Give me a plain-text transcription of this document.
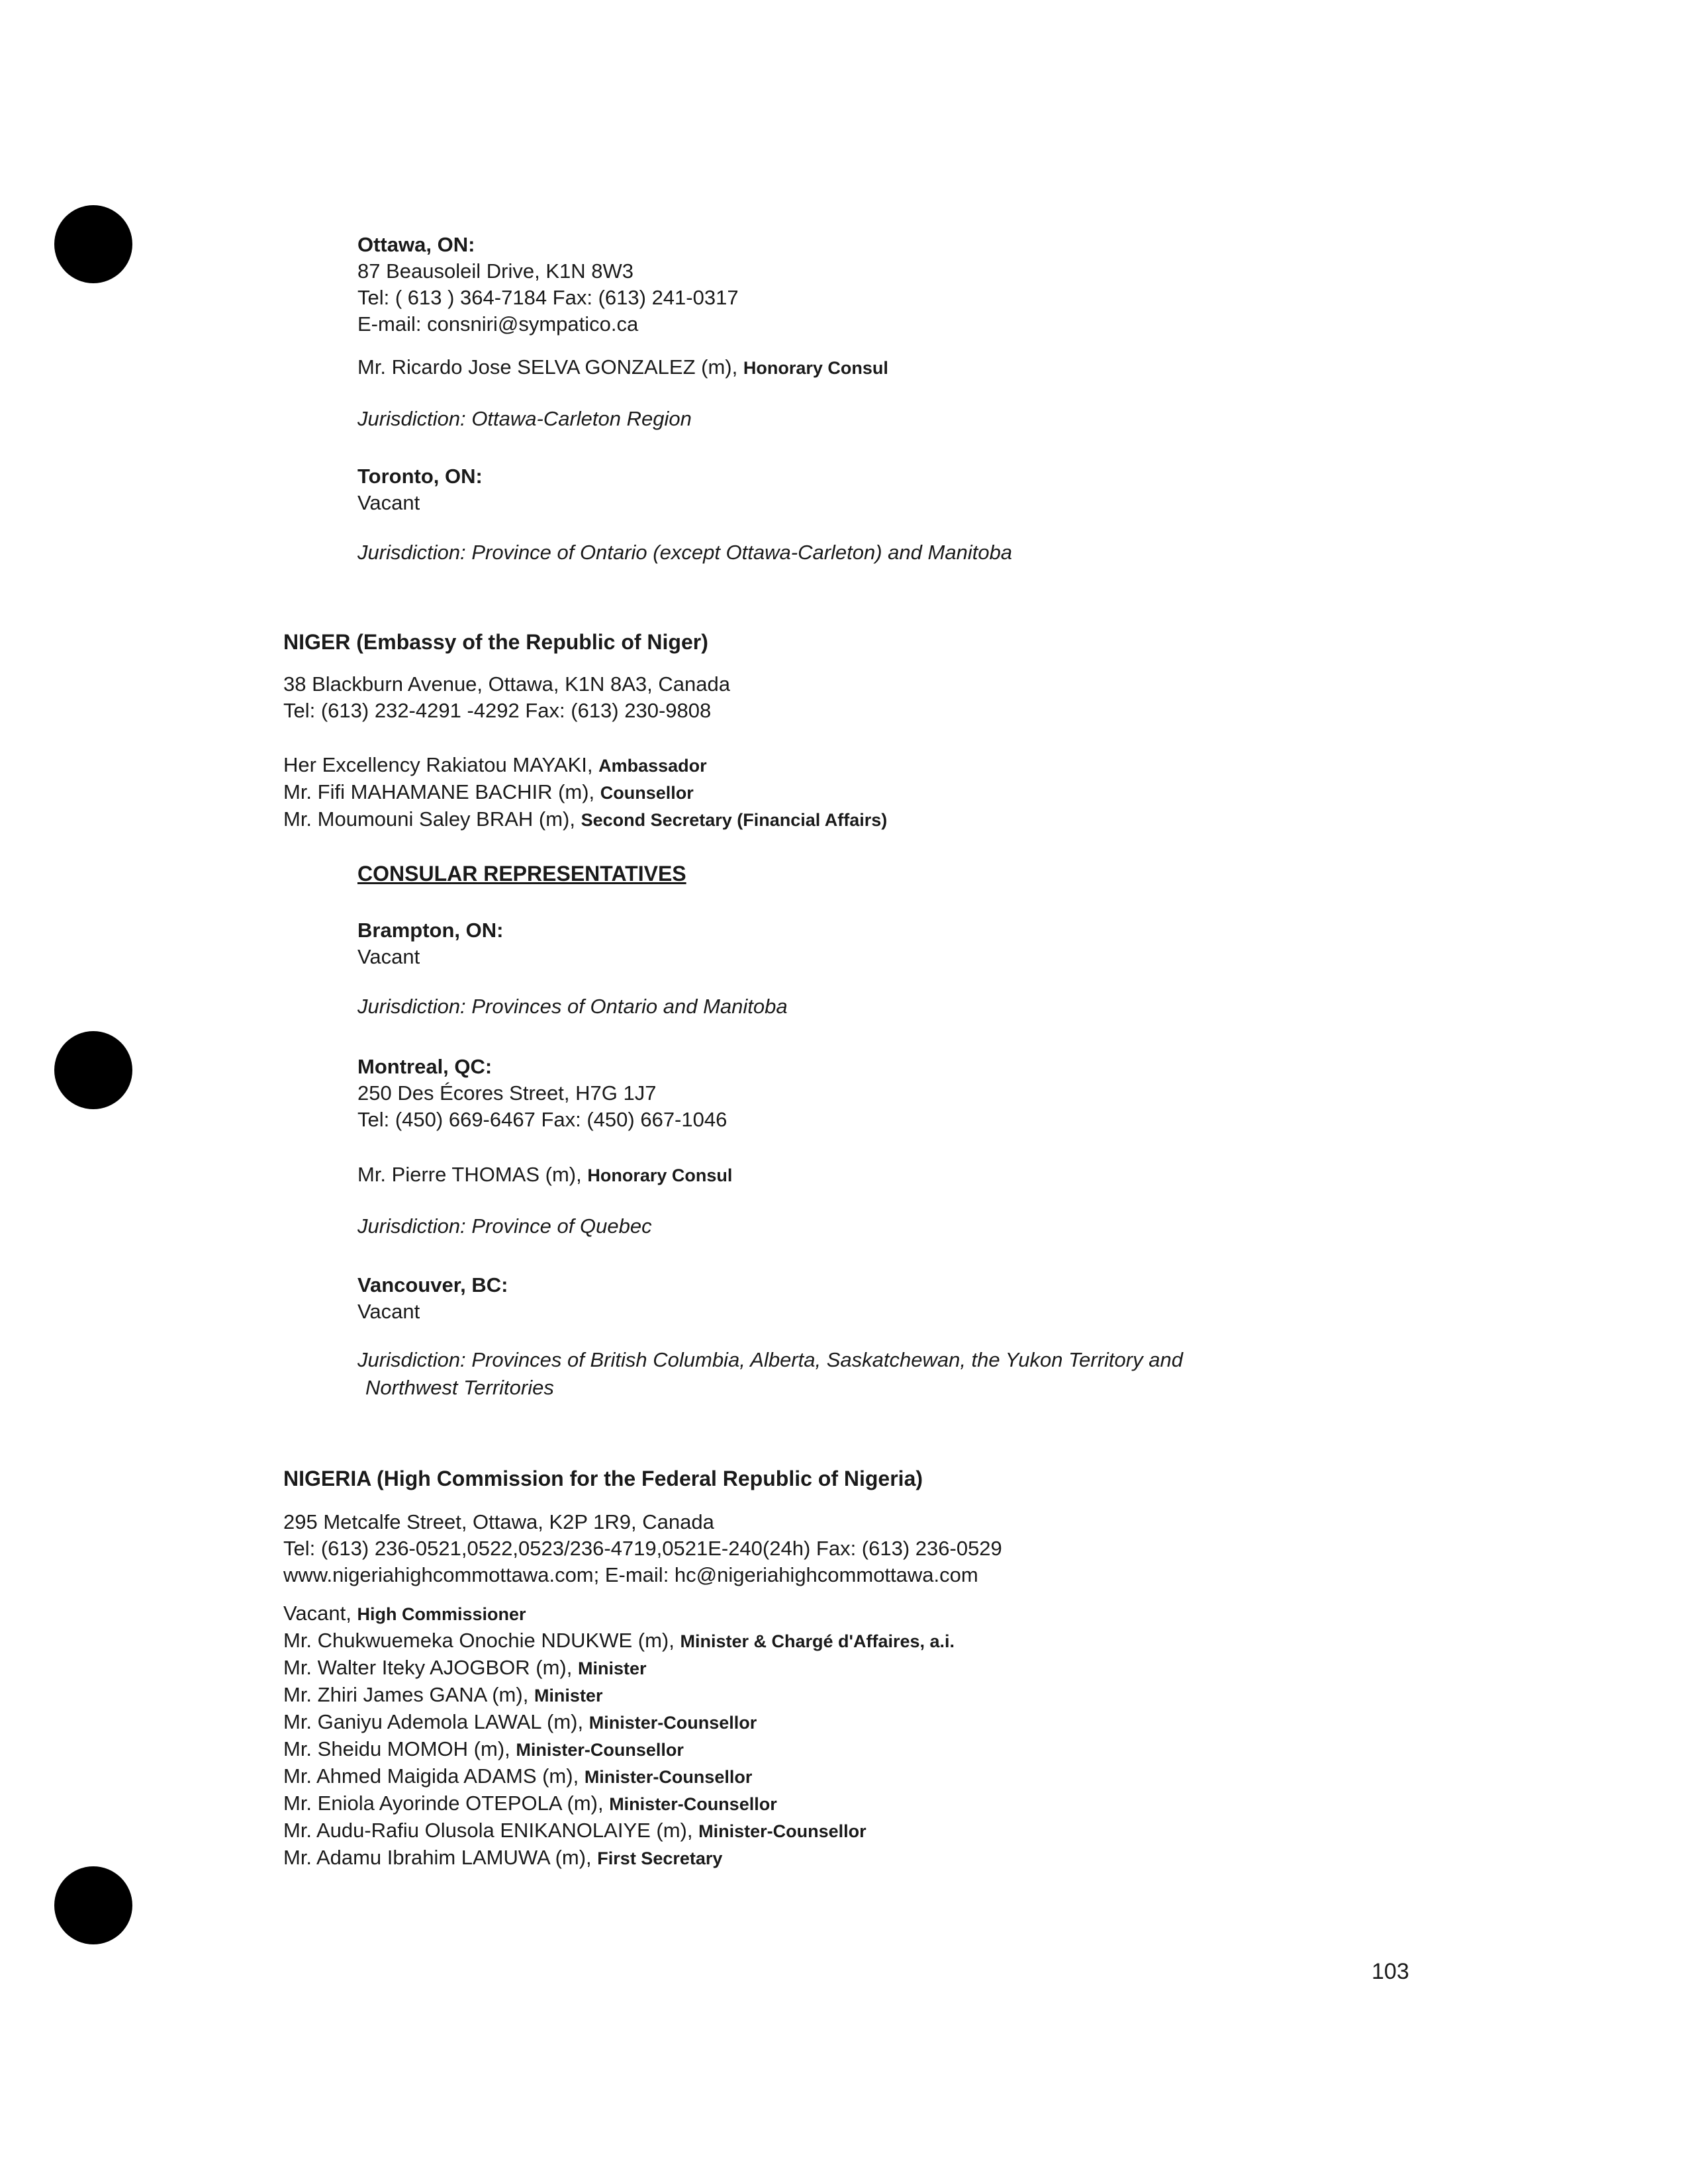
Ottawa, ON:
87 Beausoleil Drive, K1N 8W3
Tel: ( 613 ) 364-7184 Fax: (613) 241-0317
E-mail: consniri@sympatico.ca
Mr. Ricardo Jose SELVA GONZALEZ (m), Honorary Consul
Jurisdiction: Ottawa-Carleton Region
Toronto, ON:
Vacant
Jurisdiction: Province of Ontario (except Ottawa-Carleton) and Manitoba
NIGER (Embassy of the Republic of Niger)
38 Blackburn Avenue, Ottawa, K1N 8A3, Canada
Tel: (613) 232-4291 -4292 Fax: (613) 230-9808
Her Excellency Rakiatou MAYAKI, Ambassador
Mr. Fifi MAHAMANE BACHIR (m), Counsellor
Mr. Moumouni Saley BRAH (m), Second Secretary (Financial Affairs)
CONSULAR REPRESENTATIVES
Brampton, ON:
Vacant
Jurisdiction: Provinces of Ontario and Manitoba
Montreal, QC:
250 Des Écores Street, H7G 1J7
Tel: (450) 669-6467 Fax: (450) 667-1046
Mr. Pierre THOMAS (m), Honorary Consul
Jurisdiction: Province of Quebec
Vancouver, BC:
Vacant
Jurisdiction: Provinces of British Columbia, Alberta, Saskatchewan, the Yukon Territory and
Northwest Territories
NIGERIA (High Commission for the Federal Republic of Nigeria)
295 Metcalfe Street, Ottawa, K2P 1R9, Canada
Tel: (613) 236-0521,0522,0523/236-4719,0521E-240(24h) Fax: (613) 236-0529
www.nigeriahighcommottawa.com; E-mail: hc@nigeriahighcommottawa.com
Vacant, High Commissioner
Mr. Chukwuemeka Onochie NDUKWE (m), Minister & Chargé d'Affaires, a.i.
Mr. Walter Iteky AJOGBOR (m), Minister
Mr. Zhiri James GANA (m), Minister
Mr. Ganiyu Ademola LAWAL (m), Minister-Counsellor
Mr. Sheidu MOMOH (m), Minister-Counsellor
Mr. Ahmed Maigida ADAMS (m), Minister-Counsellor
Mr. Eniola Ayorinde OTEPOLA (m), Minister-Counsellor
Mr. Audu-Rafiu Olusola ENIKANOLAIYE (m), Minister-Counsellor
Mr. Adamu Ibrahim LAMUWA (m), First Secretary
103
